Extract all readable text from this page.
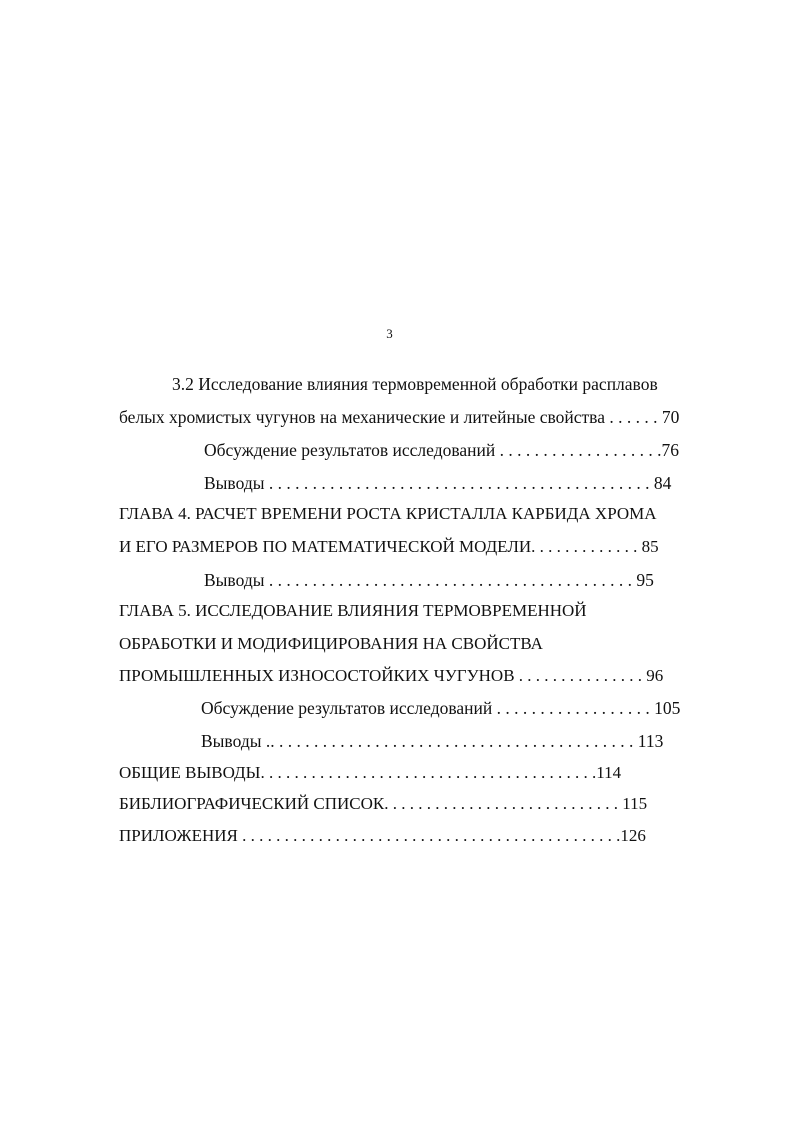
3
3.2 Исследование влияния термовременной обработки расплавов
белых хромистых чугунов на механические и литейные свойства . . . . . . 70
Обсуждение результатов исследований . . . . . . . . . . . . . . . . . . .76
Выводы . . . . . . . . . . . . . . . . . . . . . . . . . . . . . . . . . . . . . . . . . . . . 84
ГЛАВА 4. РАСЧЕТ ВРЕМЕНИ РОСТА КРИСТАЛЛА КАРБИДА ХРОМА
И ЕГО РАЗМЕРОВ ПО МАТЕМАТИЧЕСКОЙ МОДЕЛИ. . . . . . . . . . . . . 85
Выводы . . . . . . . . . . . . . . . . . . . . . . . . . . . . . . . . . . . . . . . . . . 95
ГЛАВА 5. ИССЛЕДОВАНИЕ ВЛИЯНИЯ ТЕРМОВРЕМЕННОЙ
ОБРАБОТКИ И МОДИФИЦИРОВАНИЯ НА СВОЙСТВА
ПРОМЫШЛЕННЫХ ИЗНОСОСТОЙКИХ ЧУГУНОВ . . . . . . . . . . . . . . . 96
Обсуждение результатов исследований . . . . . . . . . . . . . . . . . . 105
Выводы .. . . . . . . . . . . . . . . . . . . . . . . . . . . . . . . . . . . . . . . . . . 113
ОБЩИЕ ВЫВОДЫ. . . . . . . . . . . . . . . . . . . . . . . . . . . . . . . . . . . . . . . .114
БИБЛИОГРАФИЧЕСКИЙ СПИСОК. . . . . . . . . . . . . . . . . . . . . . . . . . . . 115
ПРИЛОЖЕНИЯ . . . . . . . . . . . . . . . . . . . . . . . . . . . . . . . . . . . . . . . . . . . . .126
